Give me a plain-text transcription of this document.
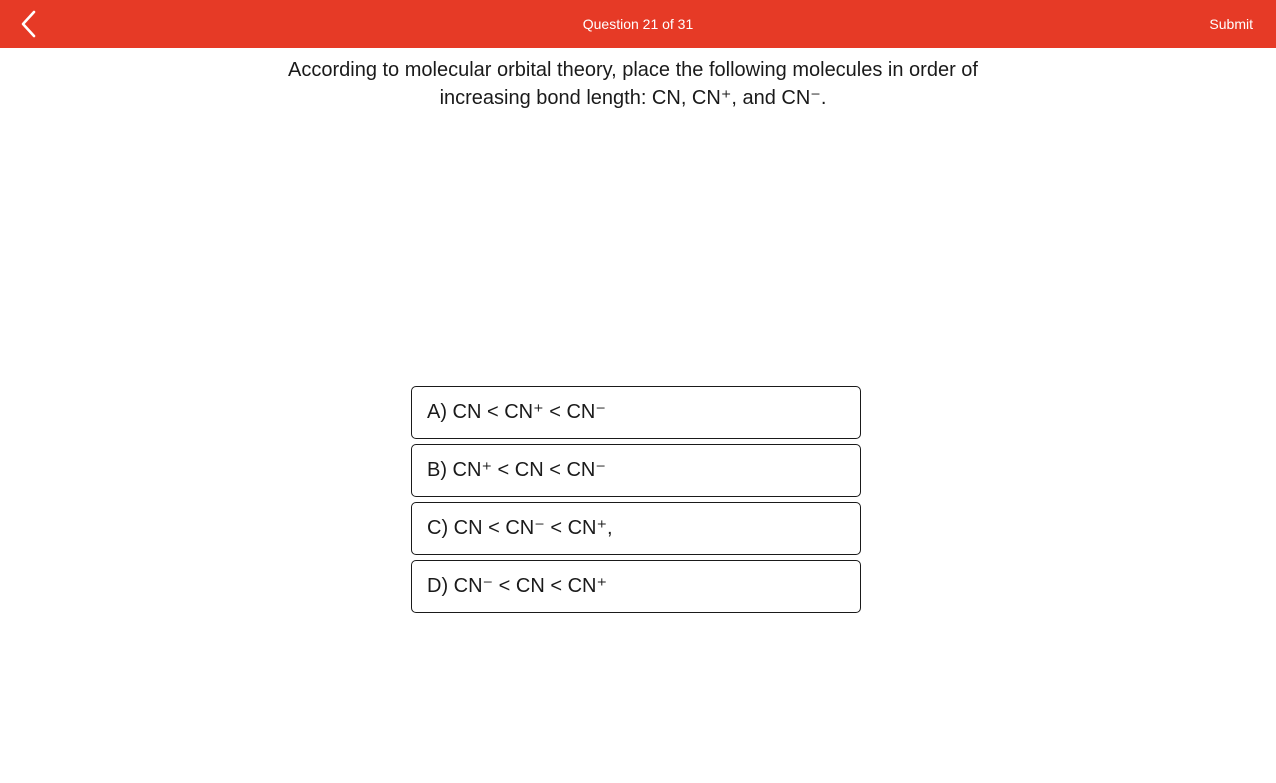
Question 21 of 31	Submit
According to molecular orbital theory, place the following molecules in order of
increasing bond length: CN, CN⁺, and CN⁻.
A) CN < CN⁺ < CN⁻
B) CN⁺ < CN < CN⁻
C) CN < CN⁻ < CN⁺,
D) CN⁻ < CN < CN⁺
